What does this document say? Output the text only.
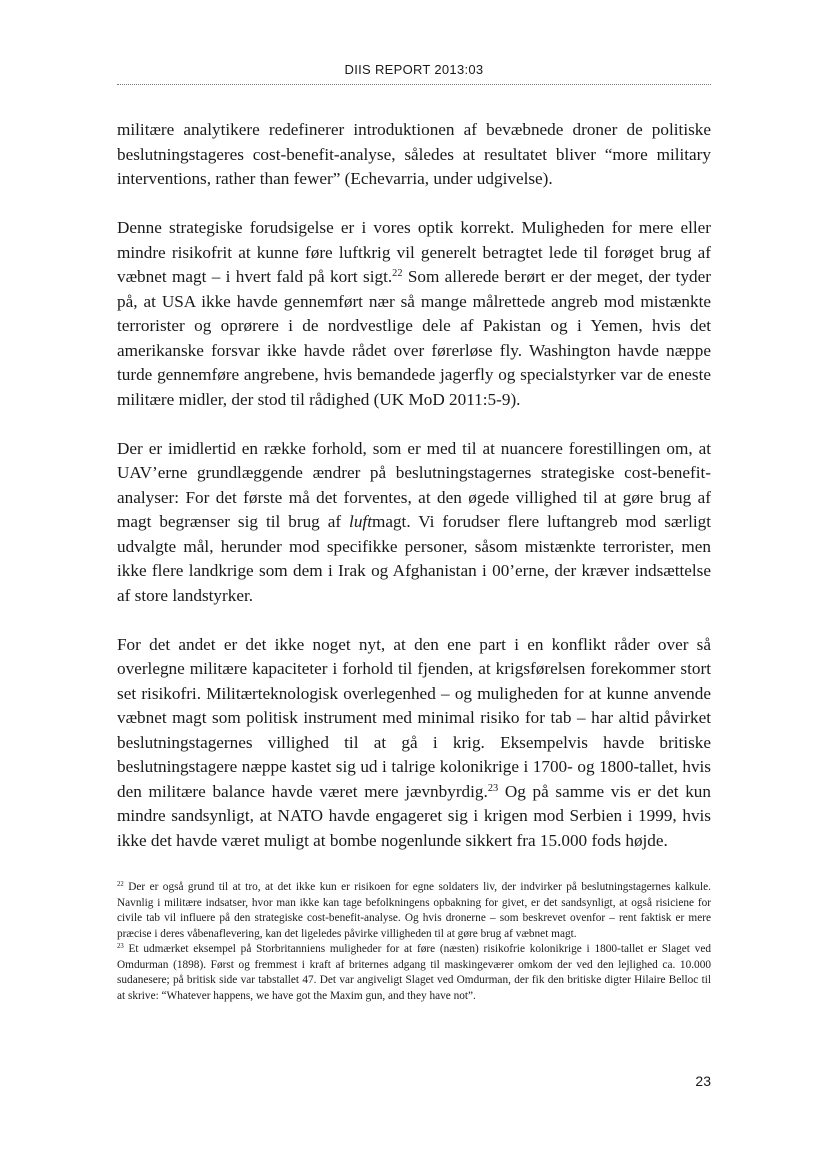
DIIS REPORT 2013:03

militære analytikere redefinerer introduktionen af bevæbnede droner de politiske beslutningstageres cost-benefit-analyse, således at resultatet bliver “more military interventions, rather than fewer” (Echevarria, under udgivelse).

Denne strategiske forudsigelse er i vores optik korrekt. Muligheden for mere eller mindre risikofrit at kunne føre luftkrig vil generelt betragtet lede til forøget brug af væbnet magt – i hvert fald på kort sigt.$^{22}$ Som allerede berørt er der meget, der tyder på, at USA ikke havde gennemført nær så mange målrettede angreb mod mistænkte terrorister og oprørere i de nordvestlige dele af Pakistan og i Yemen, hvis det amerikanske forsvar ikke havde rådet over førerløse fly. Washington havde næppe turde gennemføre angrebene, hvis bemandede jagerfly og specialstyrker var de eneste militære midler, der stod til rådighed (UK MoD 2011:5-9).

Der er imidlertid en række forhold, som er med til at nuancere forestillingen om, at UAV’erne grundlæggende ændrer på beslutningstagernes strategiske cost-benefit-analyser: For det første må det forventes, at den øgede villighed til at gøre brug af magt begrænser sig til brug af luftmagt. Vi forudser flere luftangreb mod særligt udvalgte mål, herunder mod specifikke personer, såsom mistænkte terrorister, men ikke flere landkrige som dem i Irak og Afghanistan i 00’erne, der kræver indsættelse af store landstyrker.

For det andet er det ikke noget nyt, at den ene part i en konflikt råder over så overlegne militære kapaciteter i forhold til fjenden, at krigsførelsen forekommer stort set risikofri. Militærteknologisk overlegenhed – og muligheden for at kunne anvende væbnet magt som politisk instrument med minimal risiko for tab – har altid påvirket beslutningstagernes villighed til at gå i krig. Eksempelvis havde britiske beslutningstagere næppe kastet sig ud i talrige kolonikrige i 1700- og 1800-tallet, hvis den militære balance havde været mere jævnbyrdig.$^{23}$ Og på samme vis er det kun mindre sandsynligt, at NATO havde engageret sig i krigen mod Serbien i 1999, hvis ikke det havde været muligt at bombe nogenlunde sikkert fra 15.000 fods højde.

$^{22}$ Der er også grund til at tro, at det ikke kun er risikoen for egne soldaters liv, der indvirker på beslutningstagernes kalkule. Navnlig i militære indsatser, hvor man ikke kan tage befolkningens opbakning for givet, er det sandsynligt, at også risiciene for civile tab vil influere på den strategiske cost-benefit-analyse. Og hvis dronerne – som beskrevet ovenfor – rent faktisk er mere præcise i deres våbenaflevering, kan det ligeledes påvirke villigheden til at gøre brug af væbnet magt.

$^{23}$ Et udmærket eksempel på Storbritanniens muligheder for at føre (næsten) risikofrie kolonikrige i 1800-tallet er Slaget ved Omdurman (1898). Først og fremmest i kraft af briternes adgang til maskingeværer omkom der ved den lejlighed ca. 10.000 sudanesere; på britisk side var tabstallet 47. Det var angiveligt Slaget ved Omdurman, der fik den britiske digter Hilaire Belloc til at skrive: “Whatever happens, we have got the Maxim gun, and they have not”.

23
